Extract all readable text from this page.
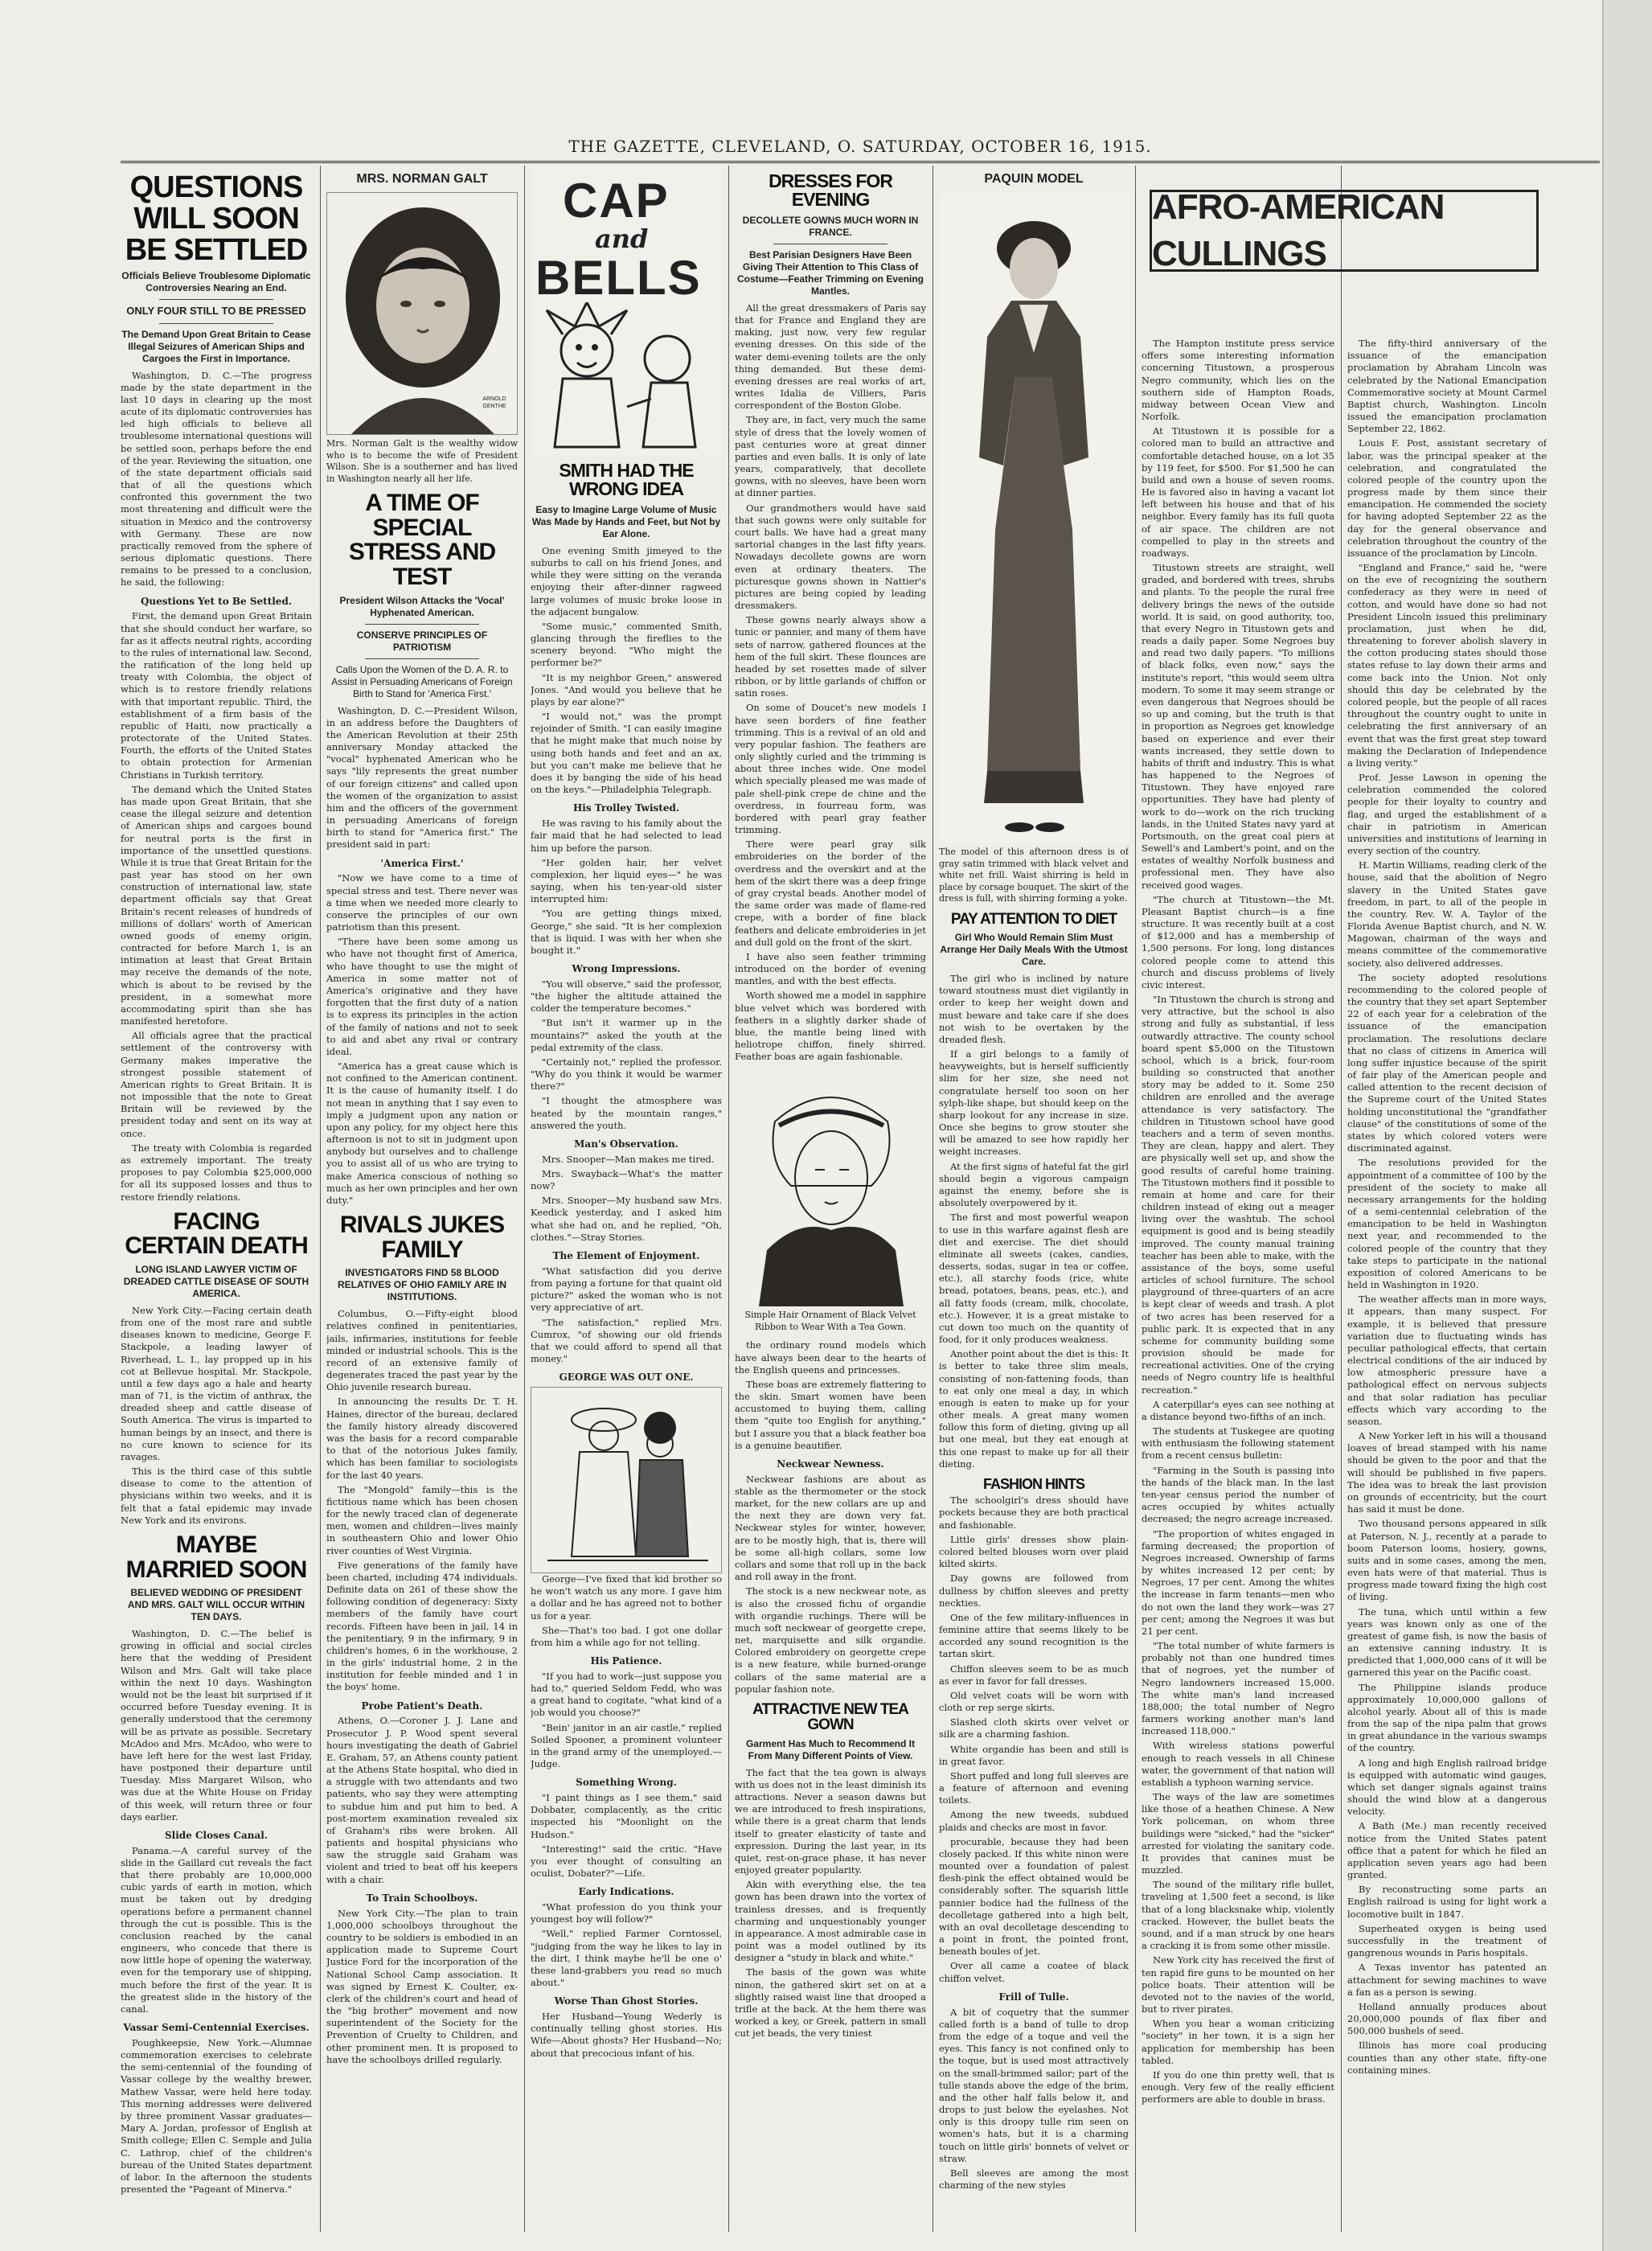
THE GAZETTE, CLEVELAND, O. SATURDAY, OCTOBER 16, 1915.
QUESTIONS WILL SOON BE SETTLED
Officials Believe Troublesome Diplomatic Controversies Nearing an End.
ONLY FOUR STILL TO BE PRESSED
The Demand Upon Great Britain to Cease Illegal Seizures of American Ships and Cargoes the First in Importance.

Washington, D. C.—The progress made by the state department in the last 10 days in clearing up the most acute of its diplomatic controversies has led high officials to believe all troublesome international questions will be settled soon, perhaps before the end of the year. Reviewing the situation, one of the state department officials said that of all the questions which confronted this government the two most threatening and difficult were the situation in Mexico and the controversy with Germany. These are now practically removed from the sphere of serious diplomatic questions. There remains to be pressed to a conclusion, he said, the following:

Questions Yet to Be Settled.

First, the demand upon Great Britain that she should conduct her warfare, so far as it affects neutral rights, according to the rules of international law. Second, the ratification of the long held up treaty with Colombia, the object of which is to restore friendly relations with that important republic. Third, the establishment of a firm basis of the republic of Haiti, now practically a protectorate of the United States. Fourth, the efforts of the United States to obtain protection for Armenian Christians in Turkish territory.

The demand which the United States has made upon Great Britain, that she cease the illegal seizure and detention of American ships and cargoes bound for neutral ports is the first in importance of the unsettled questions. While it is true that Great Britain for the past year has stood on her own construction of international law, state department officials say that Great Britain's recent releases of hundreds of millions of dollars' worth of American owned goods of enemy origin, contracted for before March 1, is an intimation at least that Great Britain may receive the demands of the note, which is about to be revised by the president, in a somewhat more accommodating spirit than she has manifested heretofore.

All officials agree that the practical settlement of the controversy with Germany makes imperative the strongest possible statement of American rights to Great Britain. It is not impossible that the note to Great Britain will be reviewed by the president today and sent on its way at once.

The treaty with Colombia is regarded as extremely important. The treaty proposes to pay Colombia $25,000,000 for all its supposed losses and thus to restore friendly relations.

FACING CERTAIN DEATH
LONG ISLAND LAWYER VICTIM OF DREADED CATTLE DISEASE OF SOUTH AMERICA.

New York City.—Facing certain death from one of the most rare and subtle diseases known to medicine, George F. Stackpole, a leading lawyer of Riverhead, L. I., lay propped up in his cot at Bellevue hospital. Mr. Stackpole, until a few days ago a hale and hearty man of 71, is the victim of anthrax, the dreaded sheep and cattle disease of South America. The virus is imparted to human beings by an insect, and there is no cure known to science for its ravages.

This is the third case of this subtle disease to come to the attention of physicians within two weeks, and it is felt that a fatal epidemic may invade New York and its environs.

MAYBE MARRIED SOON
BELIEVED WEDDING OF PRESIDENT AND MRS. GALT WILL OCCUR WITHIN TEN DAYS.

Washington, D. C.—The belief is growing in official and social circles here that the wedding of President Wilson and Mrs. Galt will take place within the next 10 days. Washington would not be the least bit surprised if it occurred before Tuesday evening. It is generally understood that the ceremony will be as private as possible. Secretary McAdoo and Mrs. McAdoo, who were to have left here for the west last Friday, have postponed their departure until Tuesday. Miss Margaret Wilson, who was due at the White House on Friday of this week, will return three or four days earlier.

Slide Closes Canal.

Panama.—A careful survey of the slide in the Gaillard cut reveals the fact that there probably are 10,000,000 cubic yards of earth in motion, which must be taken out by dredging operations before a permanent channel through the cut is possible. This is the conclusion reached by the canal engineers, who concede that there is now little hope of opening the waterway, even for the temporary use of shipping, much before the first of the year. It is the greatest slide in the history of the canal.

Vassar Semi-Centennial Exercises.

Poughkeepsie, New York.—Alumnae commemoration exercises to celebrate the semi-centennial of the founding of Vassar college by the wealthy brewer, Mathew Vassar, were held here today. This morning addresses were delivered by three prominent Vassar graduates—Mary A. Jordan, professor of English at Smith college; Ellen C. Semple and Julia C. Lathrop, chief of the children's bureau of the United States department of labor. In the afternoon the students presented the "Pageant of Minerva."

MRS. NORMAN GALT
ARNOLD GENTHE
Mrs. Norman Galt is the wealthy widow who is to become the wife of President Wilson. She is a southerner and has lived in Washington nearly all her life.
A TIME OF SPECIAL STRESS AND TEST
President Wilson Attacks the 'Vocal' Hyphenated American.
CONSERVE PRINCIPLES OF PATRIOTISM
Calls Upon the Women of the D. A. R. to Assist in Persuading Americans of Foreign Birth to Stand for 'America First.'

Washington, D. C.—President Wilson, in an address before the Daughters of the American Revolution at their 25th anniversary Monday attacked the "vocal" hyphenated American who he says "lily represents the great number of our foreign citizens" and called upon the women of the organization to assist him and the officers of the government in persuading Americans of foreign birth to stand for "America first." The president said in part:

'America First.'

"Now we have come to a time of special stress and test. There never was a time when we needed more clearly to conserve the principles of our own patriotism than this present.

"There have been some among us who have not thought first of America, who have thought to use the might of America in some matter not of America's originative and they have forgotten that the first duty of a nation is to express its principles in the action of the family of nations and not to seek to aid and abet any rival or contrary ideal.

"America has a great cause which is not confined to the American continent. It is the cause of humanity itself. I do not mean in anything that I say even to imply a judgment upon any nation or upon any policy, for my object here this afternoon is not to sit in judgment upon anybody but ourselves and to challenge you to assist all of us who are trying to make America conscious of nothing so much as her own principles and her own duty."

RIVALS JUKES FAMILY
INVESTIGATORS FIND 58 BLOOD RELATIVES OF OHIO FAMILY ARE IN INSTITUTIONS.

Columbus, O.—Fifty-eight blood relatives confined in penitentiaries, jails, infirmaries, institutions for feeble minded or industrial schools. This is the record of an extensive family of degenerates traced the past year by the Ohio juvenile research bureau.

In announcing the results Dr. T. H. Haines, director of the bureau, declared the family history already discovered was the basis for a record comparable to that of the notorious Jukes family, which has been familiar to sociologists for the last 40 years.

The "Mongold" family—this is the fictitious name which has been chosen for the newly traced clan of degenerate men, women and children—lives mainly in southeastern Ohio and lower Ohio river counties of West Virginia.

Five generations of the family have been charted, including 474 individuals. Definite data on 261 of these show the following condition of degeneracy: Sixty members of the family have court records. Fifteen have been in jail, 14 in the penitentiary, 9 in the infirmary, 9 in children's homes, 6 in the workhouse, 2 in the girls' industrial home, 2 in the institution for feeble minded and 1 in the boys' home.

Probe Patient's Death.

Athens, O.—Coroner J. J. Lane and Prosecutor J. P. Wood spent several hours investigating the death of Gabriel E. Graham, 57, an Athens county patient at the Athens State hospital, who died in a struggle with two attendants and two patients, who say they were attempting to subdue him and put him to bed. A post-mortem examination revealed six of Graham's ribs were broken. All patients and hospital physicians who saw the struggle said Graham was violent and tried to beat off his keepers with a chair.

To Train Schoolboys.

New York City.—The plan to train 1,000,000 schoolboys throughout the country to be soldiers is embodied in an application made to Supreme Court Justice Ford for the incorporation of the National School Camp association. It was signed by Ernest K. Coulter, ex-clerk of the children's court and head of the "big brother" movement and now superintendent of the Society for the Prevention of Cruelty to Children, and other prominent men. It is proposed to have the schoolboys drilled regularly.

CAP
and
BELLS
SMITH HAD THE WRONG IDEA
Easy to Imagine Large Volume of Music Was Made by Hands and Feet, but Not by Ear Alone.

One evening Smith jimeyed to the suburbs to call on his friend Jones, and while they were sitting on the veranda enjoying their after-dinner ragweed large volumes of music broke loose in the adjacent bungalow.

"Some music," commented Smith, glancing through the fireflies to the scenery beyond. "Who might the performer be?"

"It is my neighbor Green," answered Jones. "And would you believe that he plays by ear alone?"

"I would not," was the prompt rejoinder of Smith. "I can easily imagine that he might make that much noise by using both hands and feet and an ax, but you can't make me believe that he does it by banging the side of his head on the keys."—Philadelphia Telegraph.

His Trolley Twisted.

He was raving to his family about the fair maid that he had selected to lead him up before the parson.

"Her golden hair, her velvet complexion, her liquid eyes—" he was saying, when his ten-year-old sister interrupted him:

"You are getting things mixed, George," she said. "It is her complexion that is liquid. I was with her when she bought it."

Wrong Impressions.

"You will observe," said the professor, "the higher the altitude attained the colder the temperature becomes."

"But isn't it warmer up in the mountains?" asked the youth at the pedal extremity of the class.

"Certainly not," replied the professor. "Why do you think it would be warmer there?"

"I thought the atmosphere was heated by the mountain ranges," answered the youth.

Man's Observation.

Mrs. Snooper—Man makes me tired.

Mrs. Swayback—What's the matter now?

Mrs. Snooper—My husband saw Mrs. Keedick yesterday, and I asked him what she had on, and he replied, "Oh, clothes."—Stray Stories.

The Element of Enjoyment.

"What satisfaction did you derive from paying a fortune for that quaint old picture?" asked the woman who is not very appreciative of art.

"The satisfaction," replied Mrs. Cumrox, "of showing our old friends that we could afford to spend all that money."

GEORGE WAS OUT ONE.

George—I've fixed that kid brother so he won't watch us any more. I gave him a dollar and he has agreed not to bother us for a year.

She—That's too bad. I got one dollar from him a while ago for not telling.

His Patience.

"If you had to work—just suppose you had to," queried Seldom Fedd, who was a great hand to cogitate, "what kind of a job would you choose?"

"Bein' janitor in an air castle," replied Soiled Spooner, a prominent volunteer in the grand army of the unemployed.—Judge.

Something Wrong.

"I paint things as I see them," said Dobbater, complacently, as the critic inspected his "Moonlight on the Hudson."

"Interesting!" said the critic. "Have you ever thought of consulting an oculist, Dobater?"—Life.

Early Indications.

"What profession do you think your youngest boy will follow?"

"Well," replied Farmer Corntossel, "judging from the way he likes to lay in the dirt, I think maybe he'll be one o' these land-grabbers you read so much about."

Worse Than Ghost Stories.

Her Husband—Young Wederly is continually telling ghost stories. His Wife—About ghosts? Her Husband—No; about that precocious infant of his.

DRESSES FOR EVENING
DECOLLETE GOWNS MUCH WORN IN FRANCE.
Best Parisian Designers Have Been Giving Their Attention to This Class of Costume—Feather Trimming on Evening Mantles.

All the great dressmakers of Paris say that for France and England they are making, just now, very few regular evening dresses. On this side of the water demi-evening toilets are the only thing demanded. But these demi-evening dresses are real works of art, writes Idalia de Villiers, Paris correspondent of the Boston Globe.

They are, in fact, very much the same style of dress that the lovely women of past centuries wore at great dinner parties and even balls. It is only of late years, comparatively, that decollete gowns, with no sleeves, have been worn at dinner parties.

Our grandmothers would have said that such gowns were only suitable for court balls. We have had a great many sartorial changes in the last fifty years. Nowadays decollete gowns are worn even at ordinary theaters. The picturesque gowns shown in Nattier's pictures are being copied by leading dressmakers.

These gowns nearly always show a tunic or pannier, and many of them have sets of narrow, gathered flounces at the hem of the full skirt. These flounces are headed by set rosettes made of silver ribbon, or by little garlands of chiffon or satin roses.

On some of Doucet's new models I have seen borders of fine feather trimming. This is a revival of an old and very popular fashion. The feathers are only slightly curled and the trimming is about three inches wide. One model which specially pleased me was made of pale shell-pink crepe de chine and the overdress, in fourreau form, was bordered with pearl gray feather trimming.

There were pearl gray silk embroideries on the border of the overdress and the overskirt and at the hem of the skirt there was a deep fringe of gray crystal beads. Another model of the same order was made of flame-red crepe, with a border of fine black feathers and delicate embroideries in jet and dull gold on the front of the skirt.

I have also seen feather trimming introduced on the border of evening mantles, and with the best effects.

Worth showed me a model in sapphire blue velvet which was bordered with feathers in a slightly darker shade of blue, the mantle being lined with heliotrope chiffon, finely shirred. Feather boas are again fashionable.

Simple Hair Ornament of Black Velvet Ribbon to Wear With a Tea Gown.

the ordinary round models which have always been dear to the hearts of the English queens and princesses.

These boas are extremely flattering to the skin. Smart women have been accustomed to buying them, calling them "quite too English for anything," but I assure you that a black feather boa is a genuine beautifier.

Neckwear Newness.

Neckwear fashions are about as stable as the thermometer or the stock market, for the new collars are up and the next they are down very fat. Neckwear styles for winter, however, are to be mostly high, that is, there will be some all-high collars, some low collars and some that roll up in the back and roll away in the front.

The stock is a new neckwear note, as is also the crossed fichu of organdie with organdie ruchings. There will be much soft neckwear of georgette crepe, net, marquisette and silk organdie. Colored embroidery on georgette crepe is a new feature, while burned-orange collars of the same material are a popular fashion note.

ATTRACTIVE NEW TEA GOWN
Garment Has Much to Recommend It From Many Different Points of View.

The fact that the tea gown is always with us does not in the least diminish its attractions. Never a season dawns but we are introduced to fresh inspirations, while there is a great charm that lends itself to greater elasticity of taste and expression. During the last year, in its quiet, rest-on-grace phase, it has never enjoyed greater popularity.

Akin with everything else, the tea gown has been drawn into the vortex of trainless dresses, and is frequently charming and unquestionably younger in appearance. A most admirable case in point was a model outlined by its designer a "study in black and white."

The basis of the gown was white ninon, the gathered skirt set on at a slightly raised waist line that drooped a trifle at the back. At the hem there was worked a key, or Greek, pattern in small cut jet beads, the very tiniest

PAQUIN MODEL
The model of this afternoon dress is of gray satin trimmed with black velvet and white net frill. Waist shirring is held in place by corsage bouquet. The skirt of the dress is full, with shirring forming a yoke.
PAY ATTENTION TO DIET
Girl Who Would Remain Slim Must Arrange Her Daily Meals With the Utmost Care.

The girl who is inclined by nature toward stoutness must diet vigilantly in order to keep her weight down and must beware and take care if she does not wish to be overtaken by the dreaded flesh.

If a girl belongs to a family of heavyweights, but is herself sufficiently slim for her size, she need not congratulate herself too soon on her sylph-like shape, but should keep on the sharp lookout for any increase in size. Once she begins to grow stouter she will be amazed to see how rapidly her weight increases.

At the first signs of hateful fat the girl should begin a vigorous campaign against the enemy, before she is absolutely overpowered by it.

The first and most powerful weapon to use in this warfare against flesh are diet and exercise. The diet should eliminate all sweets (cakes, candies, desserts, sodas, sugar in tea or coffee, etc.), all starchy foods (rice, white bread, potatoes, beans, peas, etc.), and all fatty foods (cream, milk, chocolate, etc.). However, it is a great mistake to cut down too much on the quantity of food, for it only produces weakness.

Another point about the diet is this: It is better to take three slim meals, consisting of non-fattening foods, than to eat only one meal a day, in which enough is eaten to make up for your other meals. A great many women follow this form of dieting, giving up all but one meal, but they eat enough at this one repast to make up for all their dieting.

FASHION HINTS

The schoolgirl's dress should have pockets because they are both practical and fashionable.

Little girls' dresses show plain-colored belted blouses worn over plaid kilted skirts.

Day gowns are followed from dullness by chiffon sleeves and pretty neckties.

One of the few military-influences in feminine attire that seems likely to be accorded any sound recognition is the tartan skirt.

Chiffon sleeves seem to be as much as ever in favor for fall dresses.

Old velvet coats will be worn with cloth or rep serge skirts.

Slashed cloth skirts over velvet or silk are a charming fashion.

White organdie has been and still is in great favor.

Short puffed and long full sleeves are a feature of afternoon and evening toilets.

Among the new tweeds, subdued plaids and checks are most in favor.

procurable, because they had been closely packed. If this white ninon were mounted over a foundation of palest flesh-pink the effect obtained would be considerably softer. The squarish little pannier bodice had the fullness of the decolletage gathered into a high belt, with an oval decolletage descending to a point in front, the pointed front, beneath boules of jet.

Over all came a coatee of black chiffon velvet.

Frill of Tulle.

A bit of coquetry that the summer called forth is a band of tulle to drop from the edge of a toque and veil the eyes. This fancy is not confined only to the toque, but is used most attractively on the small-brimmed sailor; part of the tulle stands above the edge of the brim, and the other half falls below it, and drops to just below the eyelashes. Not only is this droopy tulle rim seen on women's hats, but it is a charming touch on little girls' bonnets of velvet or straw.

Bell sleeves are among the most charming of the new styles

AFRO-AMERICAN CULLINGS

The Hampton institute press service offers some interesting information concerning Titustown, a prosperous Negro community, which lies on the southern side of Hampton Roads, midway between Ocean View and Norfolk.

At Titustown it is possible for a colored man to build an attractive and comfortable detached house, on a lot 35 by 119 feet, for $500. For $1,500 he can build and own a house of seven rooms. He is favored also in having a vacant lot left between his house and that of his neighbor. Every family has its full quota of air space. The children are not compelled to play in the streets and roadways.

Titustown streets are straight, well graded, and bordered with trees, shrubs and plants. To the people the rural free delivery brings the news of the outside world. It is said, on good authority, too, that every Negro in Titustown gets and reads a daily paper. Some Negroes buy and read two daily papers. "To millions of black folks, even now," says the institute's report, "this would seem ultra modern. To some it may seem strange or even dangerous that Negroes should be so up and coming, but the truth is that in proportion as Negroes get knowledge based on experience and ever their wants increased, they settle down to habits of thrift and industry. This is what has happened to the Negroes of Titustown. They have enjoyed rare opportunities. They have had plenty of work to do—work on the rich trucking lands, in the United States navy yard at Portsmouth, on the great coal piers at Sewell's and Lambert's point, and on the estates of wealthy Norfolk business and professional men. They have also received good wages.

"The church at Titustown—the Mt. Pleasant Baptist church—is a fine structure. It was recently built at a cost of $12,000 and has a membership of 1,500 persons. For long, long distances colored people come to attend this church and discuss problems of lively civic interest.

"In Titustown the church is strong and very attractive, but the school is also strong and fully as substantial, if less outwardly attractive. The county school board spent $5,000 on the Titustown school, which is a brick, four-room building so constructed that another story may be added to it. Some 250 children are enrolled and the average attendance is very satisfactory. The children in Titustown school have good teachers and a term of seven months. They are clean, happy and alert. They are physically well set up, and show the good results of careful home training. The Titustown mothers find it possible to remain at home and care for their children instead of eking out a meager living over the washtub. The school equipment is good and is being steadily improved. The county manual training teacher has been able to make, with the assistance of the boys, some useful articles of school furniture. The school playground of three-quarters of an acre is kept clear of weeds and trash. A plot of two acres has been reserved for a public park. It is expected that in any scheme for community building some provision should be made for recreational activities. One of the crying needs of Negro country life is healthful recreation."

A caterpillar's eyes can see nothing at a distance beyond two-fifths of an inch.

The students at Tuskegee are quoting with enthusiasm the following statement from a recent census bulletin:

"Farming in the South is passing into the hands of the black man. In the last ten-year census period the number of acres occupied by whites actually decreased; the negro acreage increased.

"The proportion of whites engaged in farming decreased; the proportion of Negroes increased. Ownership of farms by whites increased 12 per cent; by Negroes, 17 per cent. Among the whites the increase in farm tenants—men who do not own the land they work—was 27 per cent; among the Negroes it was but 21 per cent.

"The total number of white farmers is probably not than one hundred times that of negroes, yet the number of Negro landowners increased 15,000. The white man's land increased 188,000; the total number of Negro farmers working another man's land increased 118,000."

With wireless stations powerful enough to reach vessels in all Chinese water, the government of that nation will establish a typhoon warning service.

The ways of the law are sometimes like those of a heathen Chinese. A New York policeman, on whom three buildings were "sicked," had the "sicker" arrested for violating the sanitary code. It provides that canines must be muzzled.

The sound of the military rifle bullet, traveling at 1,500 feet a second, is like that of a long blacksnake whip, violently cracked. However, the bullet beats the sound, and if a man struck by one hears a cracking it is from some other missile.

New York city has received the first of ten rapid fire guns to be mounted on her police boats. Their attention will be devoted not to the navies of the world, but to river pirates.

When you hear a woman criticizing "society" in her town, it is a sign her application for membership has been tabled.

If you do one thin pretty well, that is enough. Very few of the really efficient performers are able to double in brass.

The fifty-third anniversary of the issuance of the emancipation proclamation by Abraham Lincoln was celebrated by the National Emancipation Commemorative society at Mount Carmel Baptist church, Washington. Lincoln issued the emancipation proclamation September 22, 1862.

Louis F. Post, assistant secretary of labor, was the principal speaker at the celebration, and congratulated the colored people of the country upon the progress made by them since their emancipation. He commended the society for having adopted September 22 as the day for the general observance and celebration throughout the country of the issuance of the proclamation by Lincoln.

"England and France," said he, "were on the eve of recognizing the southern confederacy as they were in need of cotton, and would have done so had not President Lincoln issued this preliminary proclamation, just when he did, threatening to forever abolish slavery in the cotton producing states should those states refuse to lay down their arms and come back into the Union. Not only should this day be celebrated by the colored people, but the people of all races throughout the country ought to unite in celebrating the first anniversary of an event that was the first great step toward making the Declaration of Independence a living verity."

Prof. Jesse Lawson in opening the celebration commended the colored people for their loyalty to country and flag, and urged the establishment of a chair in patriotism in American universities and institutions of learning in every section of the country.

H. Martin Williams, reading clerk of the house, said that the abolition of Negro slavery in the United States gave freedom, in part, to all of the people in the country. Rev. W. A. Taylor of the Florida Avenue Baptist church, and N. W. Magowan, chairman of the ways and means committee of the commemorative society, also delivered addresses.

The society adopted resolutions recommending to the colored people of the country that they set apart September 22 of each year for a celebration of the issuance of the emancipation proclamation. The resolutions declare that no class of citizens in America will long suffer injustice because of the spirit of fair play of the American people and called attention to the recent decision of the Supreme court of the United States holding unconstitutional the "grandfather clause" of the constitutions of some of the states by which colored voters were discriminated against.

The resolutions provided for the appointment of a committee of 100 by the president of the society to make all necessary arrangements for the holding of a semi-centennial celebration of the emancipation to be held in Washington next year, and recommended to the colored people of the country that they take steps to participate in the national exposition of colored Americans to be held in Washington in 1920.

The weather affects man in more ways, it appears, than many suspect. For example, it is believed that pressure variation due to fluctuating winds has peculiar pathological effects, that certain electrical conditions of the air induced by low atmospheric pressure have a pathological effect on nervous subjects and that solar radiation has peculiar effects which vary according to the season.

A New Yorker left in his will a thousand loaves of bread stamped with his name should be given to the poor and that the will should be published in five papers. The idea was to break the last provision on grounds of eccentricity, but the court has said it must be done.

Two thousand persons appeared in silk at Paterson, N. J., recently at a parade to boom Paterson looms, hosiery, gowns, suits and in some cases, among the men, even hats were of that material. Thus is progress made toward fixing the high cost of living.

The tuna, which until within a few years was known only as one of the greatest of game fish, is now the basis of an extensive canning industry. It is predicted that 1,000,000 cans of it will be garnered this year on the Pacific coast.

The Philippine islands produce approximately 10,000,000 gallons of alcohol yearly. About all of this is made from the sap of the nipa palm that grows in great abundance in the various swamps of the country.

A long and high English railroad bridge is equipped with automatic wind gauges, which set danger signals against trains should the wind blow at a dangerous velocity.

A Bath (Me.) man recently received notice from the United States patent office that a patent for which he filed an application seven years ago had been granted.

By reconstructing some parts an English railroad is using for light work a locomotive built in 1847.

Superheated oxygen is being used successfully in the treatment of gangrenous wounds in Paris hospitals.

A Texas inventor has patented an attachment for sewing machines to wave a fan as a person is sewing.

Holland annually produces about 20,000,000 pounds of flax fiber and 500,000 bushels of seed.

Illinois has more coal producing counties than any other state, fifty-one containing mines.
